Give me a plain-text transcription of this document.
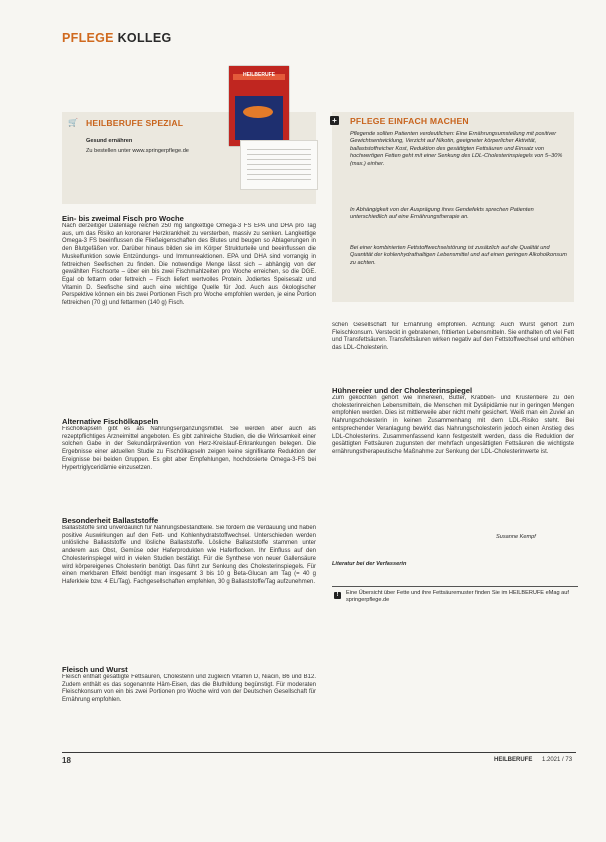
PFLEGE KOLLEG
🛒 HEILBERUFE SPEZIAL
Gesund ernähren
Zu bestellen unter www.springerpflege.de
HEILBERUFE
+ PFLEGE EINFACH MACHEN
Pflegende sollten Patienten verdeutlichen: Eine Ernährungsumstellung mit positiver Gewichtsentwicklung, Verzicht auf Nikotin, geeigneter körperlicher Aktivität, ballaststoffreicher Kost, Reduktion des gesättigten Fettsäuren und Einsatz von hochwertigen Fetten geht mit einer Senkung des LDL-Cholesterinspiegels von 5–30% (max.) einher.
In Abhängigkeit von der Ausprägung ihres Gendefekts sprechen Patienten unterschiedlich auf eine Ernährungstherapie an.
Bei einer kombinierten Fettstoffwechselstörung ist zusätzlich auf die Qualität und Quantität der kohlenhydrathaltigen Lebensmittel und auf einen geringen Alkoholkonsum zu achten.
Ein- bis zweimal Fisch pro Woche

Nach derzeitiger Datenlage reichen 250 mg langkettige Omega-3 FS EPA und DHA pro Tag aus, um das Risiko an koronarer Herzkrankheit zu versterben, massiv zu senken. Langkettige Omega-3 FS beeinflussen die Fließeigenschaften des Blutes und beugen so Ablagerungen in den Blutgefäßen vor. Darüber hinaus bilden sie im Körper Strukturteile und beeinflussen die Muskelfunktion sowie Entzündungs- und Immunreaktionen. EPA und DHA sind vorrangig in fettreichen Seefischen zu finden. Die notwendige Menge lässt sich – abhängig von der gewählten Fischsorte – über ein bis zwei Fischmahlzeiten pro Woche erreichen, so die DGE. Egal ob fettarm oder fettreich – Fisch liefert wertvolles Protein. Jodiertes Speisesalz und Vitamin D. Seefische sind auch eine wichtige Quelle für Jod. Auch aus ökologischer Perspektive können ein bis zwei Portionen Fisch pro Woche empfohlen werden, je eine Portion fettreichen (70 g) und fettarmen (140 g) Fisch.

Alternative Fischölkapseln

Fischölkapseln gibt es als Nahrungsergänzungsmittel. Sie werden aber auch als rezeptpflichtiges Arzneimittel angeboten. Es gibt zahlreiche Studien, die die Wirksamkeit einer solchen Gabe in der Sekundärprävention von Herz-Kreislauf-Erkrankungen belegen. Die Ergebnisse einer aktuellen Studie zu Fischölkapseln zeigen keine signifikante Reduktion der Ereignisse bei beiden Gruppen. Es gibt aber Empfehlungen, hochdosierte Omega-3-FS bei Hypertriglyceridämie einzusetzen.

Besonderheit Ballaststoffe

Ballaststoffe sind unverdaulich für Nahrungsbestandteile. Sie fördern die Verdauung und haben positive Auswirkungen auf den Fett- und Kohlenhydratstoffwechsel. Unterschieden werden unlösliche Ballaststoffe und lösliche Ballaststoffe. Lösliche Ballaststoffe stammen unter anderem aus Obst, Gemüse oder Haferprodukten wie Haferflocken. Ihr Einfluss auf den Cholesterinspiegel wird in vielen Studien bestätigt. Für die Synthese von neuer Gallensäure wird körpereigenes Cholesterin benötigt. Das führt zur Senkung des Cholesterinspiegels. Für einen merkbaren Effekt benötigt man insgesamt 3 bis 10 g Beta-Glucan am Tag (= 40 g Haferkleie bzw. 4 EL/Tag). Fachgesellschaften empfehlen, 30 g Ballaststoffe/Tag aufzunehmen.

Fleisch und Wurst

Fleisch enthält gesättigte Fettsäuren, Cholesterin und zugleich Vitamin D, Niacin, B6 und B12. Zudem enthält es das sogenannte Häm-Eisen, das die Bluthildung begünstigt. Für moderaten Fleischkonsum von ein bis zwei Portionen pro Woche wird von der Deutschen Gesellschaft für Ernährung empfohlen.

schen Gesellschaft für Ernährung empfohlen. Achtung: Auch Wurst gehört zum Fleischkonsum. Versteckt in gebratenen, frittierten Lebensmitteln. Sie enthalten oft viel Fett und Transfettsäuren. Transfettsäuren wirken negativ auf den Fettstoffwechsel und erhöhen das LDL-Cholesterin.

Hühnereier und der Cholesterinspiegel

Zum gekochten gehört wie Innereien, Butter, Krabben- und Krustentiere zu den cholesterinreichen Lebensmitteln, die Menschen mit Dyslipidämie nur in geringen Mengen empfohlen werden. Dies ist mittlerweile aber nicht mehr gesichert. Weiß man ein Zuviel an Nahrungscholesterin in keinen Zusammenhang mit dem LDL-Risiko steht. Bei entsprechender Veranlagung bewirkt das Nahrungscholesterin jedoch einen Anstieg des LDL-Cholesterins. Zusammenfassend kann festgestellt werden, dass die Reduktion der gesättigten Fettsäuren zugunsten der mehrfach ungesättigten Fettsäuren die wichtigste ernährungstherapeutische Maßnahme zur Senkung der LDL-Cholesterinwerte ist.

Susanne Kempf
Literatur bei der Verfasserin
!	Eine Übersicht über Fette und ihre Fettsäuremuster finden Sie im HEILBERUFE eMag auf springerpflege.de
18	HEILBERUFE 1.2021 / 73
